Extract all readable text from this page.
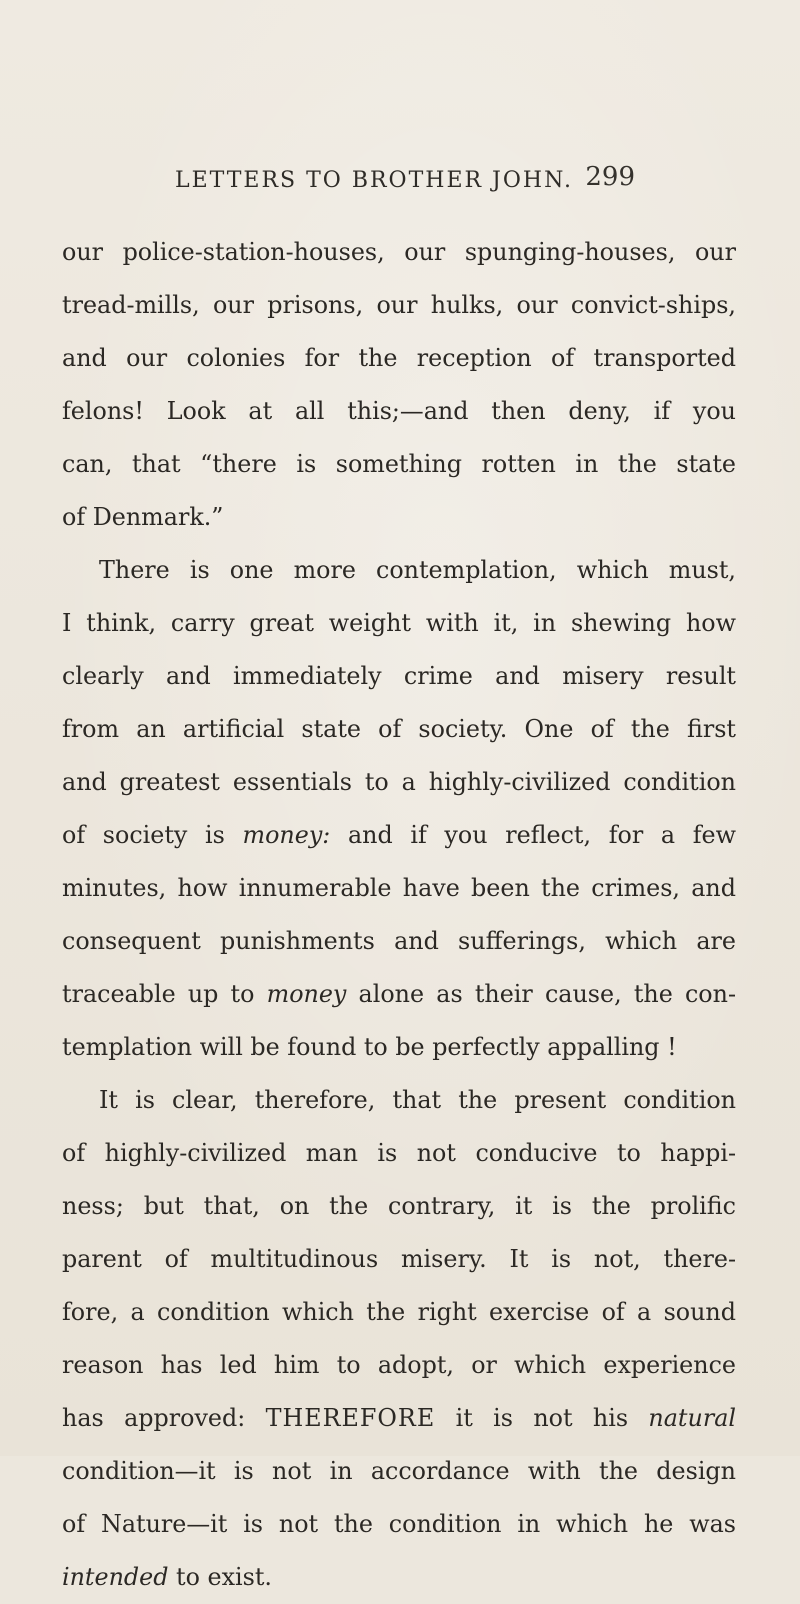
LETTERS TO BROTHER JOHN. 299
our police-station-houses, our spunging-houses, our
tread-mills, our prisons, our hulks, our convict-ships,
and our colonies for the reception of transported
felons! Look at all this;—and then deny, if you
can, that “there is something rotten in the state
of Denmark.”
There is one more contemplation, which must,
I think, carry great weight with it, in shewing how
clearly and immediately crime and misery result
from an artificial state of society. One of the first
and greatest essentials to a highly-civilized condition
of society is money: and if you reflect, for a few
minutes, how innumerable have been the crimes, and
consequent punishments and sufferings, which are
traceable up to money alone as their cause, the con-
templation will be found to be perfectly appalling !
It is clear, therefore, that the present condition
of highly-civilized man is not conducive to happi-
ness; but that, on the contrary, it is the prolific
parent of multitudinous misery. It is not, there-
fore, a condition which the right exercise of a sound
reason has led him to adopt, or which experience
has approved: THEREFORE it is not his natural
condition—it is not in accordance with the design
of Nature—it is not the condition in which he was
intended to exist.
